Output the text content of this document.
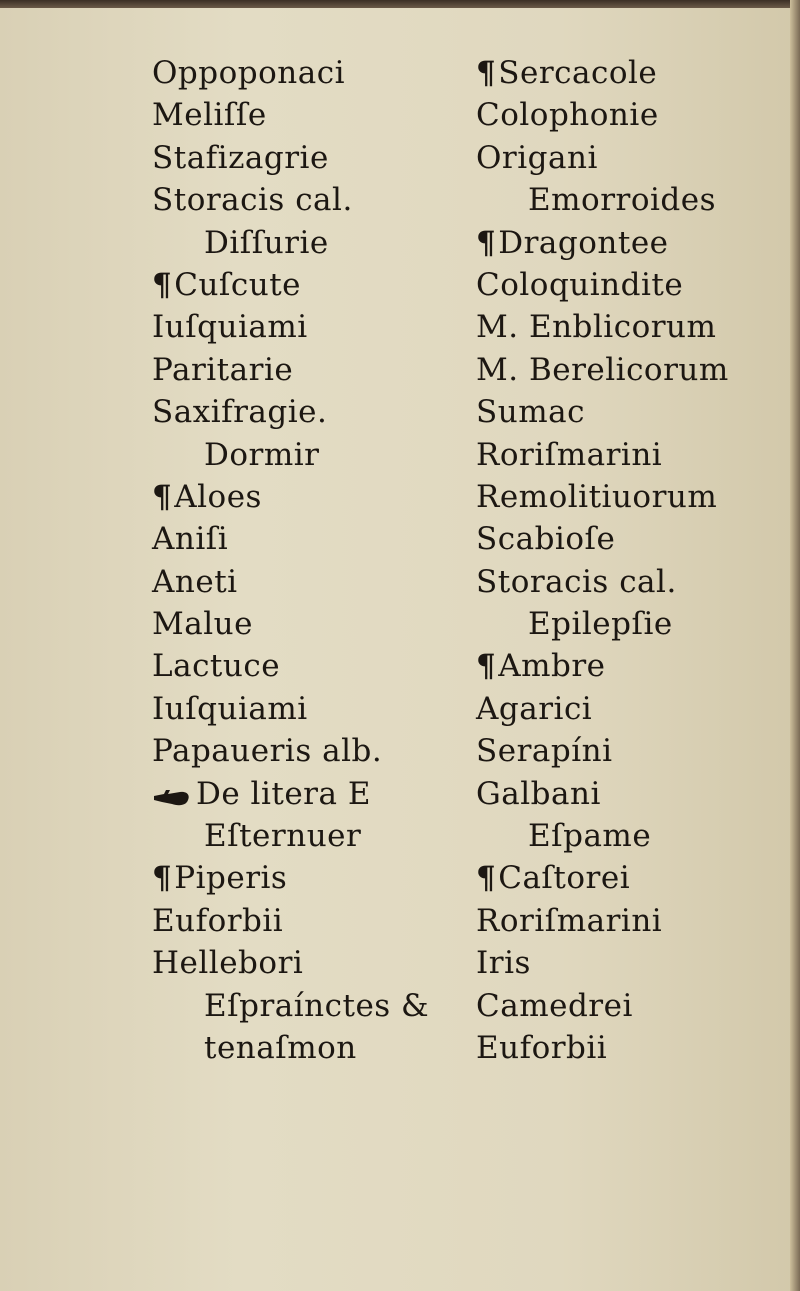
Oppoponaci
Meliſſe
Stafizagrie
Storacis cal.
Diſſurie
¶Cuſcute
Iuſquiami
Paritarie
Saxifragie.
Dormir
¶Aloes
Aniſi
Aneti
Malue
Lactuce
Iuſquiami
Papaueris alb.
De litera E
Eſternuer
¶Piperis
Euforbii
Hellebori
Eſpraínctes &
tenaſmon
¶Sercacole
Colophonie
Origani
Emorroides
¶Dragontee
Coloquindite
M. Enblicorum
M. Berelicorum
Sumac
Roriſmarini
Remolitiuorum
Scabioſe
Storacis cal.
Epilepſie
¶Ambre
Agarici
Serapíni
Galbani
Eſpame
¶Caſtorei
Roriſmarini
Iris
Camedrei
Euforbii
